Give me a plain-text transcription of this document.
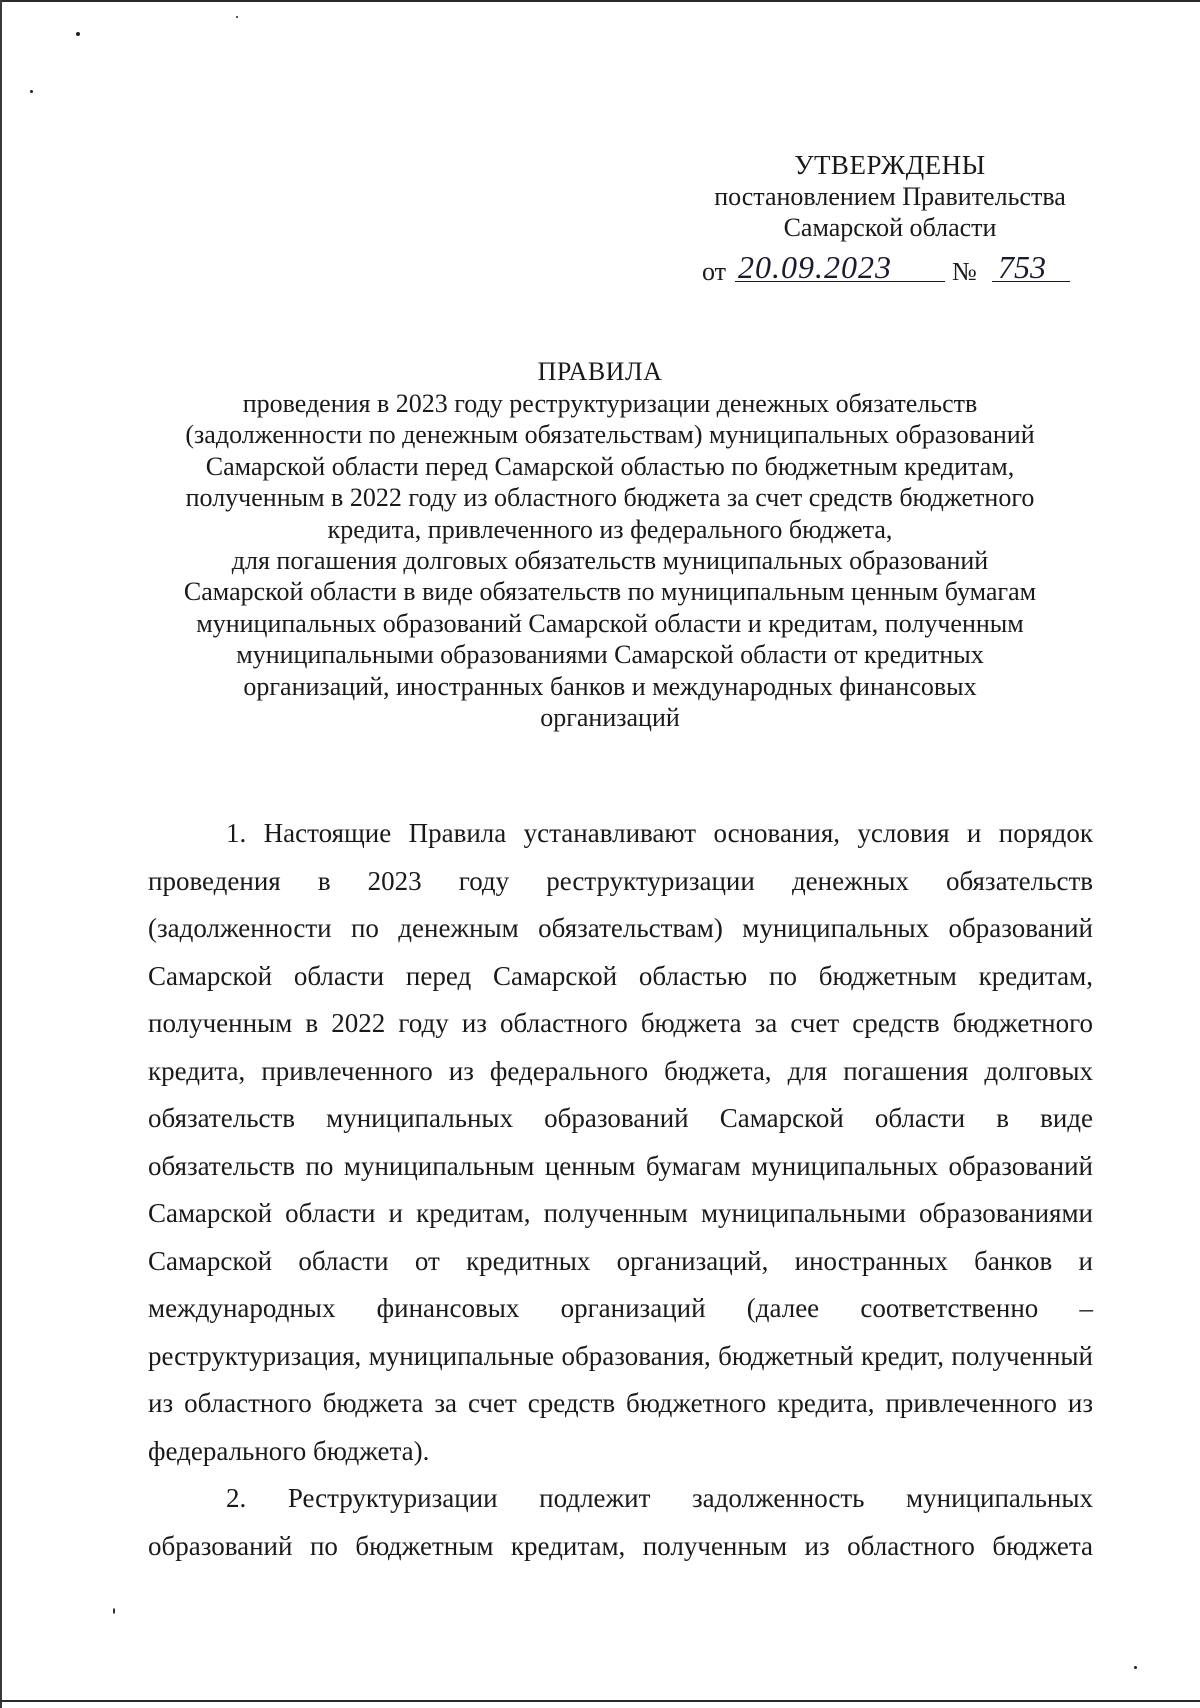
УТВЕРЖДЕНЫ
постановлением Правительства
Самарской области
от 20.09.2023 № 753
ПРАВИЛА
проведения в 2023 году реструктуризации денежных обязательств
(задолженности по денежным обязательствам) муниципальных образований
Самарской области перед Самарской областью по бюджетным кредитам,
полученным в 2022 году из областного бюджета за счет средств бюджетного
кредита, привлеченного из федерального бюджета,
для погашения долговых обязательств муниципальных образований
Самарской области в виде обязательств по муниципальным ценным бумагам
муниципальных образований Самарской области и кредитам, полученным
муниципальными образованиями Самарской области от кредитных
организаций, иностранных банков и международных финансовых
организаций

1. Настоящие Правила устанавливают основания, условия и порядок проведения в 2023 году реструктуризации денежных обязательств (задолженности по денежным обязательствам) муниципальных образований Самарской области перед Самарской областью по бюджетным кредитам, полученным в 2022 году из областного бюджета за счет средств бюджетного кредита, привлеченного из федерального бюджета, для погашения долговых обязательств муниципальных образований Самарской области в виде обязательств по муниципальным ценным бумагам муниципальных образований Самарской области и кредитам, полученным муниципальными образованиями Самарской области от кредитных организаций, иностранных банков и международных финансовых организаций (далее соответственно – реструктуризация, муниципальные образования, бюджетный кредит, полученный из областного бюджета за счет средств бюджетного кредита, привлеченного из федерального бюджета).

2. Реструктуризации подлежит задолженность муниципальных образований по бюджетным кредитам, полученным из областного бюджета
